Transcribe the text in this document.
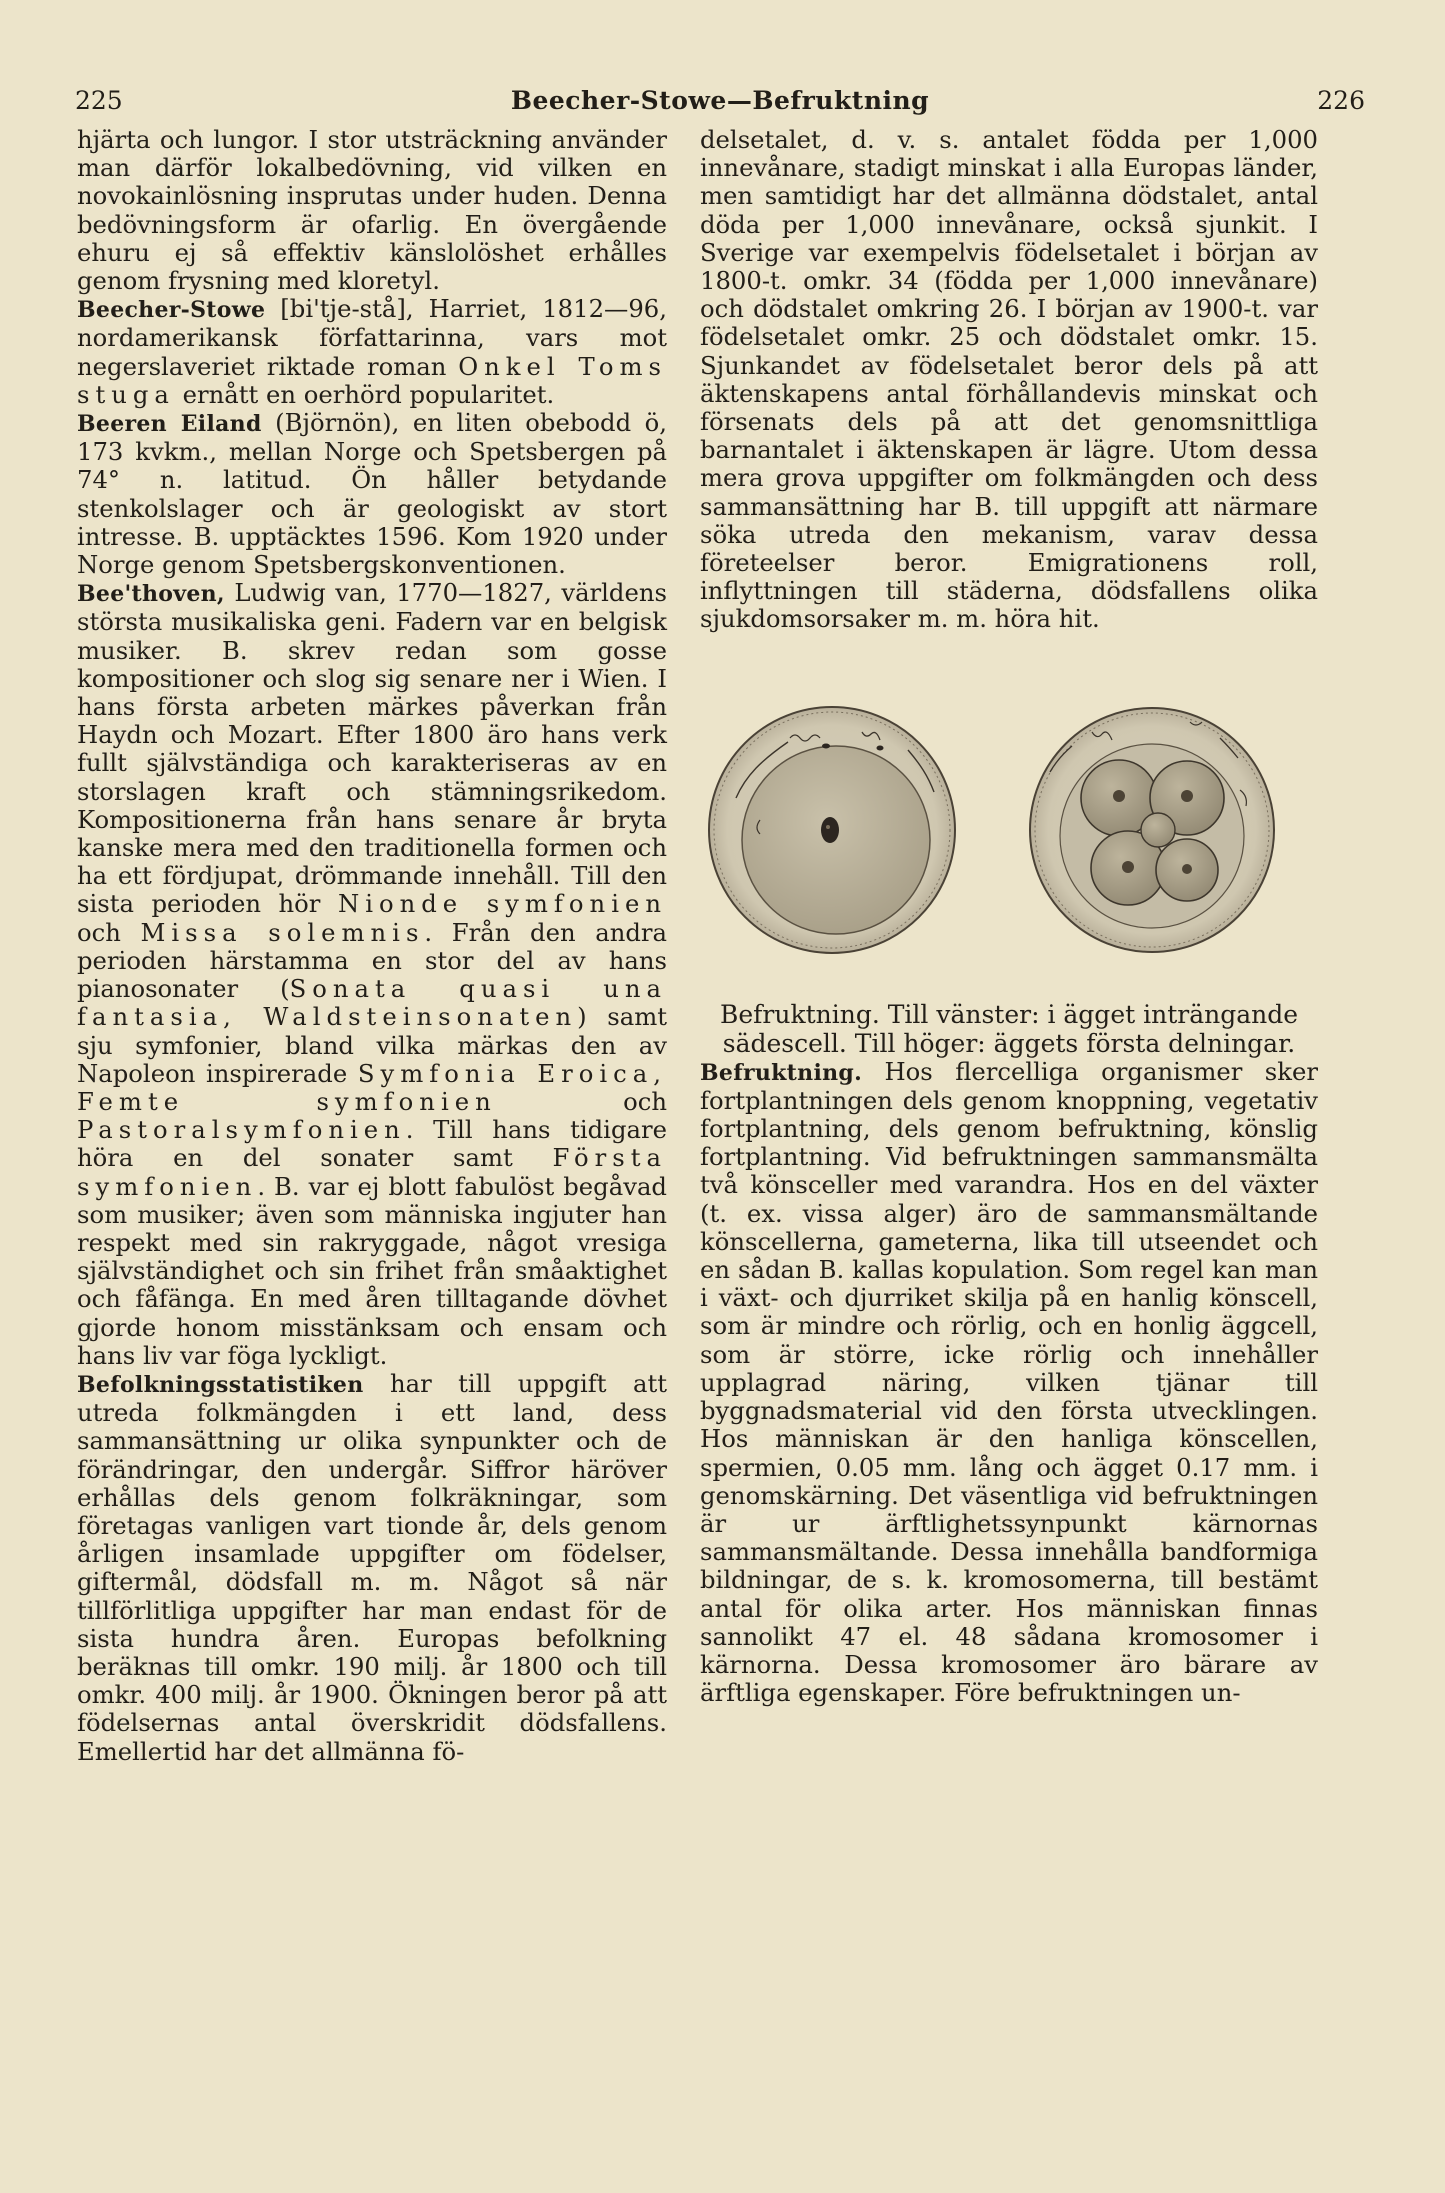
225	Beecher-Stowe—Befruktning	226

hjärta och lungor. I stor utsträckning använder man därför lokalbedövning, vid vilken en novokainlösning insprutas under huden. Denna bedövningsform är ofarlig. En övergående ehuru ej så effektiv känslolöshet erhålles genom frysning med kloretyl.

Beecher-Stowe [bi'tje-stå], Harriet, 1812—96, nordamerikansk författarinna, vars mot negerslaveriet riktade roman Onkel Toms stuga ernått en oerhörd popularitet.

Beeren Eiland (Björnön), en liten obebodd ö, 173 kvkm., mellan Norge och Spetsbergen på 74° n. latitud. Ön håller betydande stenkolslager och är geologiskt av stort intresse. B. upptäcktes 1596. Kom 1920 under Norge genom Spetsbergskonventionen.

Bee'thoven, Ludwig van, 1770—1827, världens största musikaliska geni. Fadern var en belgisk musiker. B. skrev redan som gosse kompositioner och slog sig senare ner i Wien. I hans första arbeten märkes påverkan från Haydn och Mozart. Efter 1800 äro hans verk fullt självständiga och karakteriseras av en storslagen kraft och stämningsrikedom. Kompositionerna från hans senare år bryta kanske mera med den traditionella formen och ha ett fördjupat, drömmande innehåll. Till den sista perioden hör Nionde symfonien och Missa solemnis. Från den andra perioden härstamma en stor del av hans pianosonater (Sonata quasi una fantasia, Waldsteinsonaten) samt sju symfonier, bland vilka märkas den av Napoleon inspirerade Symfonia Eroica, Femte symfonien och Pastoralsymfonien. Till hans tidigare höra en del sonater samt Första symfonien. B. var ej blott fabulöst begåvad som musiker; även som människa ingjuter han respekt med sin rakryggade, något vresiga självständighet och sin frihet från småaktighet och fåfänga. En med åren tilltagande dövhet gjorde honom misstänksam och ensam och hans liv var föga lyckligt.

Befolkningsstatistiken har till uppgift att utreda folkmängden i ett land, dess sammansättning ur olika synpunkter och de förändringar, den undergår. Siffror häröver erhållas dels genom folkräkningar, som företagas vanligen vart tionde år, dels genom årligen insamlade uppgifter om födelser, giftermål, dödsfall m. m. Något så när tillförlitliga uppgifter har man endast för de sista hundra åren. Europas befolkning beräknas till omkr. 190 milj. år 1800 och till omkr. 400 milj. år 1900. Ökningen beror på att födelsernas antal överskridit dödsfallens. Emellertid har det allmänna fö-

delsetalet, d. v. s. antalet födda per 1,000 innevånare, stadigt minskat i alla Europas länder, men samtidigt har det allmänna dödstalet, antal döda per 1,000 innevånare, också sjunkit. I Sverige var exempelvis födelsetalet i början av 1800-t. omkr. 34 (födda per 1,000 innevånare) och dödstalet omkring 26. I början av 1900-t. var födelsetalet omkr. 25 och dödstalet omkr. 15. Sjunkandet av födelsetalet beror dels på att äktenskapens antal förhållandevis minskat och försenats dels på att det genomsnittliga barnantalet i äktenskapen är lägre. Utom dessa mera grova uppgifter om folkmängden och dess sammansättning har B. till uppgift att närmare söka utreda den mekanism, varav dessa företeelser beror. Emigrationens roll, inflyttningen till städerna, dödsfallens olika sjukdomsorsaker m. m. höra hit.

Befruktning. Till vänster: i ägget inträngande sädescell. Till höger: äggets första delningar.

Befruktning. Hos flercelliga organismer sker fortplantningen dels genom knoppning, vegetativ fortplantning, dels genom befruktning, könslig fortplantning. Vid befruktningen sammansmälta två könsceller med varandra. Hos en del växter (t. ex. vissa alger) äro de sammansmältande könscellerna, gameterna, lika till utseendet och en sådan B. kallas kopulation. Som regel kan man i växt- och djurriket skilja på en hanlig könscell, som är mindre och rörlig, och en honlig äggcell, som är större, icke rörlig och innehåller upplagrad näring, vilken tjänar till byggnadsmaterial vid den första utvecklingen. Hos människan är den hanliga könscellen, spermien, 0.05 mm. lång och ägget 0.17 mm. i genomskärning. Det väsentliga vid befruktningen är ur ärftlighetssynpunkt kärnornas sammansmältande. Dessa innehålla bandformiga bildningar, de s. k. kromosomerna, till bestämt antal för olika arter. Hos människan finnas sannolikt 47 el. 48 sådana kromosomer i kärnorna. Dessa kromosomer äro bärare av ärftliga egenskaper. Före befruktningen un-
